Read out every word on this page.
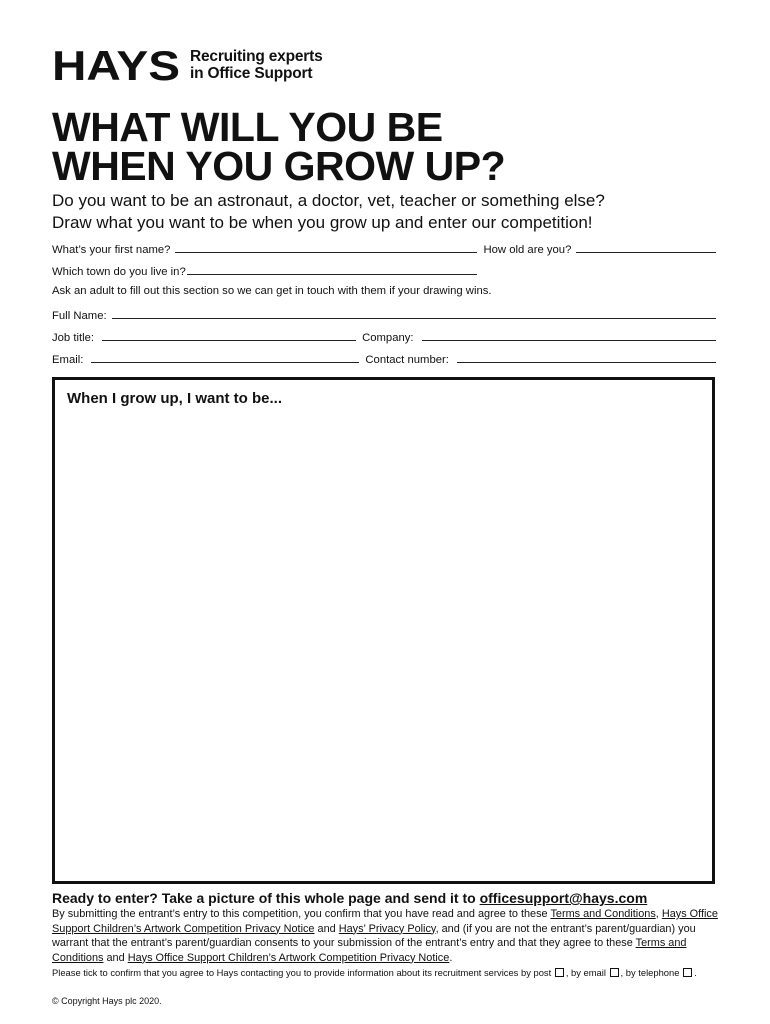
HAYS Recruiting experts
in Office Support
WHAT WILL YOU BE
WHEN YOU GROW UP?
Do you want to be an astronaut, a doctor, vet, teacher or something else?
Draw what you want to be when you grow up and enter our competition!
What’s your first name?	How old are you?
Which town do you live in?
Ask an adult to fill out this section so we can get in touch with them if your drawing wins.
Full Name:
Job title:	Company:
Email:	Contact number:
When I grow up, I want to be...
Ready to enter? Take a picture of this whole page and send it to officesupport@hays.com
By submitting the entrant’s entry to this competition, you confirm that you have read and agree to these Terms and Conditions, Hays Office Support Children’s Artwork Competition Privacy Notice and Hays’ Privacy Policy, and (if you are not the entrant’s parent/guardian) you warrant that the entrant’s parent/guardian consents to your submission of the entrant’s entry and that they agree to these Terms and Conditions and Hays Office Support Children’s Artwork Competition Privacy Notice.
Please tick to confirm that you agree to Hays contacting you to provide information about its recruitment services by post , by email , by telephone .
© Copyright Hays plc 2020.
